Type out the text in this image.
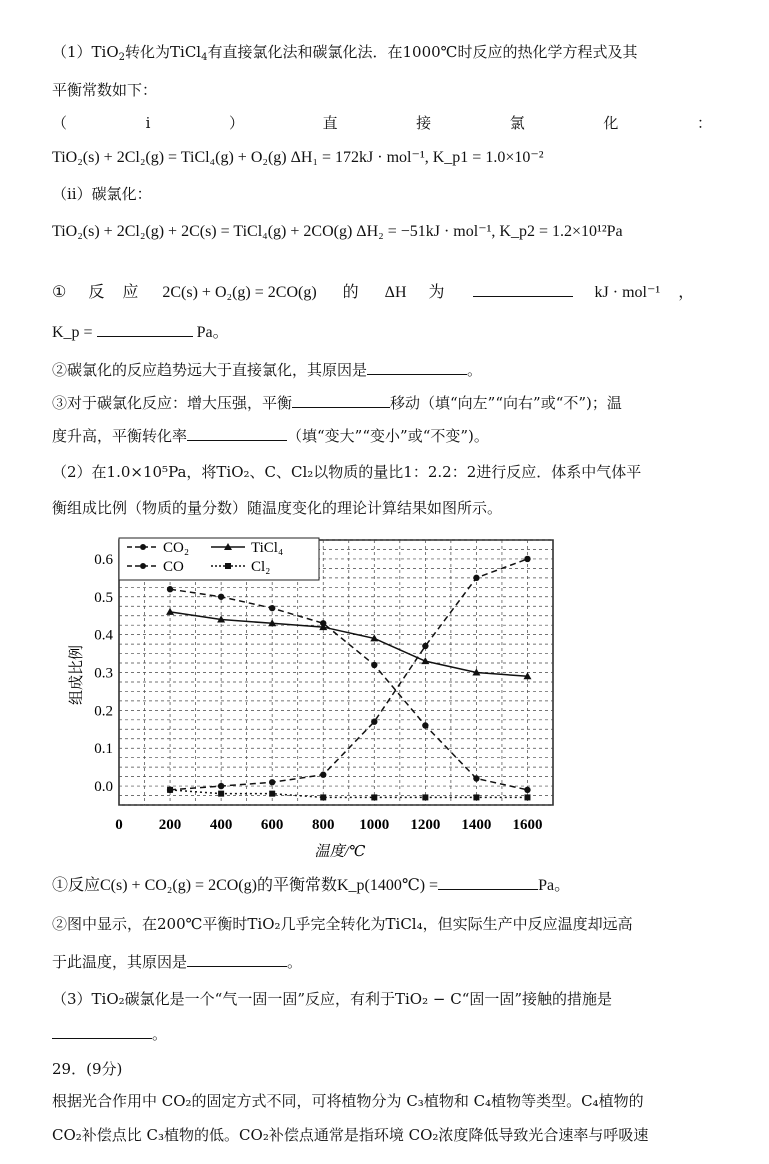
（1）TiO$_2$转化为TiCl$_4$有直接氯化法和碳氯化法．在1000℃时反应的热化学方程式及其
平衡常数如下：
（	i	）	直	接	氯	化	：
TiO₂(s) + 2Cl₂(g) = TiCl₄(g) + O₂(g) ΔH₁ = 172kJ · mol⁻¹, K_p1 = 1.0×10⁻²
（ii）碳氯化：
TiO₂(s) + 2Cl₂(g) + 2C(s) = TiCl₄(g) + 2CO(g) ΔH₂ = −51kJ · mol⁻¹, K_p2 = 1.2×10¹²Pa
① 反 应 2C(s) + O₂(g) = 2CO(g) 的 ΔH 为	kJ · mol⁻¹ ，
K_p =	Pa。
②碳氯化的反应趋势远大于直接氯化，其原因是	。
③对于碳氯化反应：增大压强，平衡	移动（填“向左”“向右”或“不”)；温
度升高，平衡转化率	（填“变大”“变小”或“不变”)。
（2）在1.0×10⁵Pa，将TiO₂、C、Cl₂以物质的量比1：2.2：2进行反应．体系中气体平
衡组成比例（物质的量分数）随温度变化的理论计算结果如图所示。
0.0
0.1
0.2
0.3
0.4
0.5
0.6
0 200 400 600 800 1000 1200 1400 1600
CO₂	TiCl₄
CO	Cl₂
组成比例
温度/℃
①反应C(s) + CO₂(g) = 2CO(g)的平衡常数K_p(1400℃) =	Pa。
②图中显示，在200℃平衡时TiO₂几乎完全转化为TiCl₄，但实际生产中反应温度却远高
于此温度，其原因是	。
（3）TiO₂碳氯化是一个“气一固一固”反应，有利于TiO₂ − C“固一固”接触的措施是
。
29．(9分)
根据光合作用中 CO₂的固定方式不同，可将植物分为 C₃植物和 C₄植物等类型。C₄植物的
CO₂补偿点比 C₃植物的低。CO₂补偿点通常是指环境 CO₂浓度降低导致光合速率与呼吸速
